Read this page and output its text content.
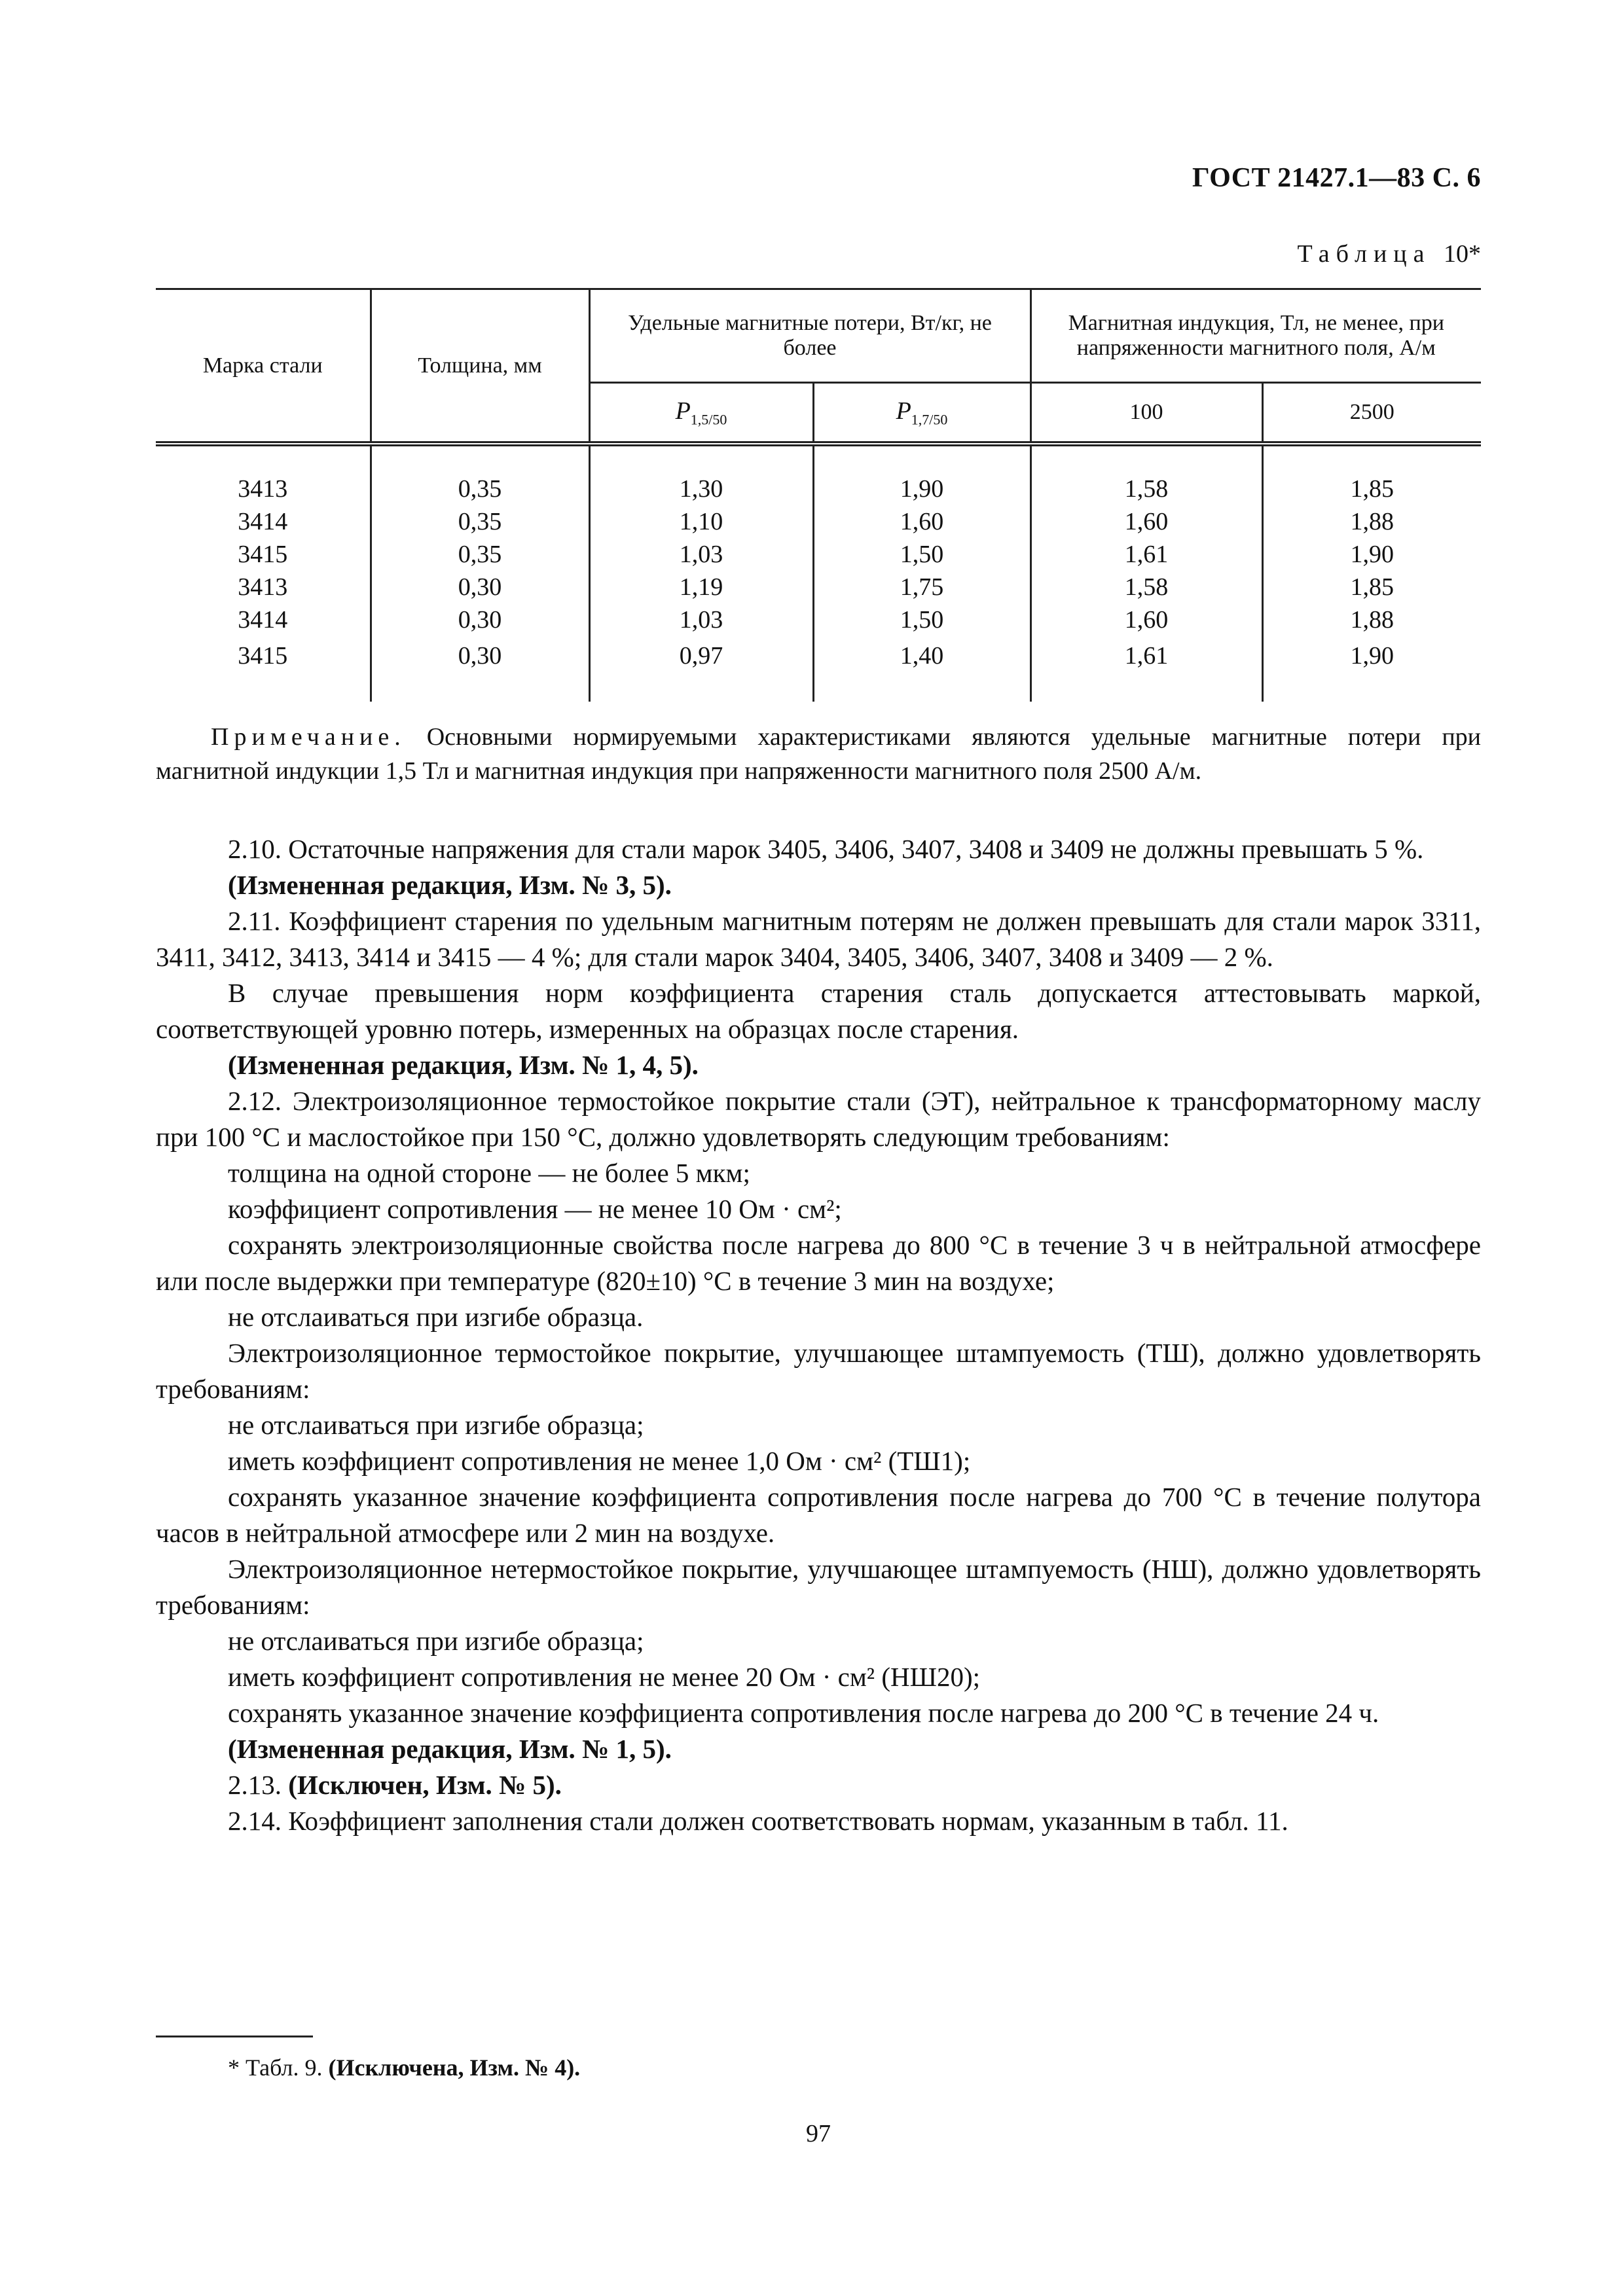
ГОСТ 21427.1—83 С. 6
Таблица 10*
Марка стали	Толщина, мм	Удельные магнитные потери, Вт/кг, не более		Магнитная индукция, Тл, не менее, при напряженности магнитного поля, А/м	
		$P_{1,5/50}$	$P_{1,7/50}$	100	2500
3413	0,35	1,30	1,90	1,58	1,85
3414	0,35	1,10	1,60	1,60	1,88
3415	0,35	1,03	1,50	1,61	1,90
3413	0,30	1,19	1,75	1,58	1,85
3414	0,30	1,03	1,50	1,60	1,88
3415	0,30	0,97	1,40	1,61	1,90
Примечание. Основными нормируемыми характеристиками являются удельные магнитные потери при магнитной индукции 1,5 Тл и магнитная индукция при напряженности магнитного поля 2500 А/м.

2.10. Остаточные напряжения для стали марок 3405, 3406, 3407, 3408 и 3409 не должны превышать 5 %.

(Измененная редакция, Изм. № 3, 5).

2.11. Коэффициент старения по удельным магнитным потерям не должен превышать для стали марок 3311, 3411, 3412, 3413, 3414 и 3415 — 4 %; для стали марок 3404, 3405, 3406, 3407, 3408 и 3409 — 2 %.

В случае превышения норм коэффициента старения сталь допускается аттестовывать маркой, соответствующей уровню потерь, измеренных на образцах после старения.

(Измененная редакция, Изм. № 1, 4, 5).

2.12. Электроизоляционное термостойкое покрытие стали (ЭТ), нейтральное к трансформаторному маслу при 100 °С и маслостойкое при 150 °С, должно удовлетворять следующим требованиям:

толщина на одной стороне — не более 5 мкм;

коэффициент сопротивления — не менее 10 Ом · см²;

сохранять электроизоляционные свойства после нагрева до 800 °С в течение 3 ч в нейтральной атмосфере или после выдержки при температуре (820±10) °С в течение 3 мин на воздухе;

не отслаиваться при изгибе образца.

Электроизоляционное термостойкое покрытие, улучшающее штампуемость (ТШ), должно удовлетворять требованиям:

не отслаиваться при изгибе образца;

иметь коэффициент сопротивления не менее 1,0 Ом · см² (ТШ1);

сохранять указанное значение коэффициента сопротивления после нагрева до 700 °С в течение полутора часов в нейтральной атмосфере или 2 мин на воздухе.

Электроизоляционное нетермостойкое покрытие, улучшающее штампуемость (НШ), должно удовлетворять требованиям:

не отслаиваться при изгибе образца;

иметь коэффициент сопротивления не менее 20 Ом · см² (НШ20);

сохранять указанное значение коэффициента сопротивления после нагрева до 200 °С в течение 24 ч.

(Измененная редакция, Изм. № 1, 5).

2.13. (Исключен, Изм. № 5).

2.14. Коэффициент заполнения стали должен соответствовать нормам, указанным в табл. 11.

* Табл. 9. (Исключена, Изм. № 4).
97
